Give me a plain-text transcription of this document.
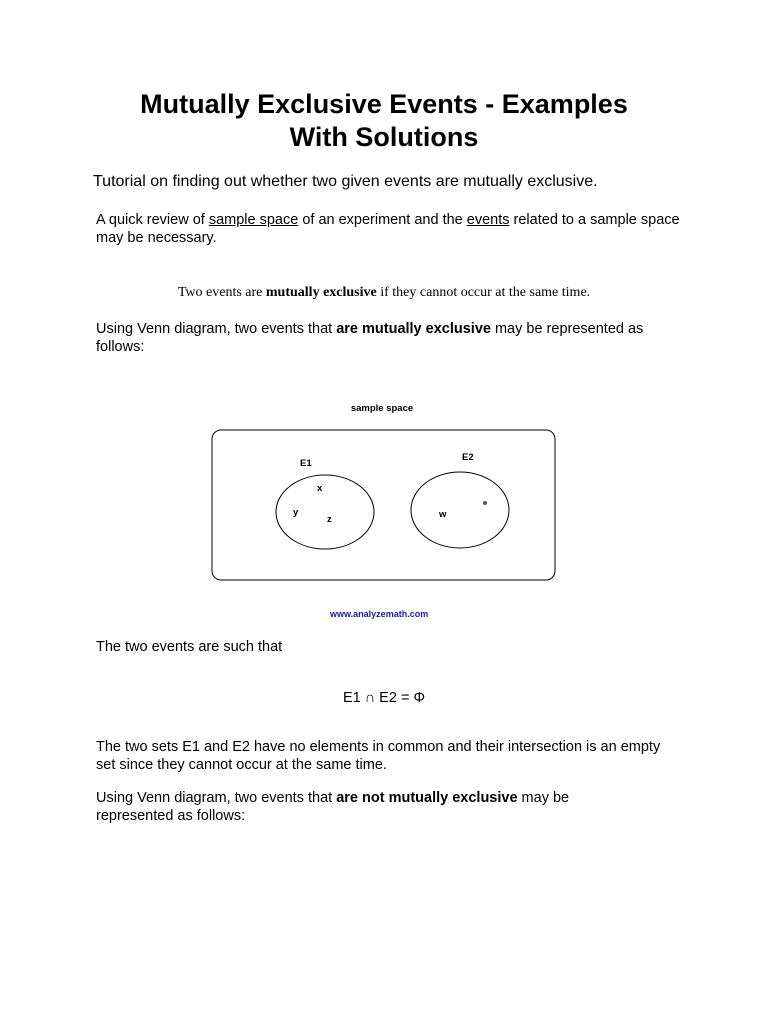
Mutually Exclusive Events - Examples
With Solutions

Tutorial on finding out whether two given events are mutually exclusive.

A quick review of sample space of an experiment and the events related to a sample space may be necessary.

Two events are mutually exclusive if they cannot occur at the same time.

Using Venn diagram, two events that are mutually exclusive may be represented as follows:

sample space
E1
E2
x
y
z	w
www.analyzemath.com

The two events are such that

E1 ∩ E2 = Φ

The two sets E1 and E2 have no elements in common and their intersection is an empty set since they cannot occur at the same time.

Using Venn diagram, two events that are not mutually exclusive may be represented as follows:
